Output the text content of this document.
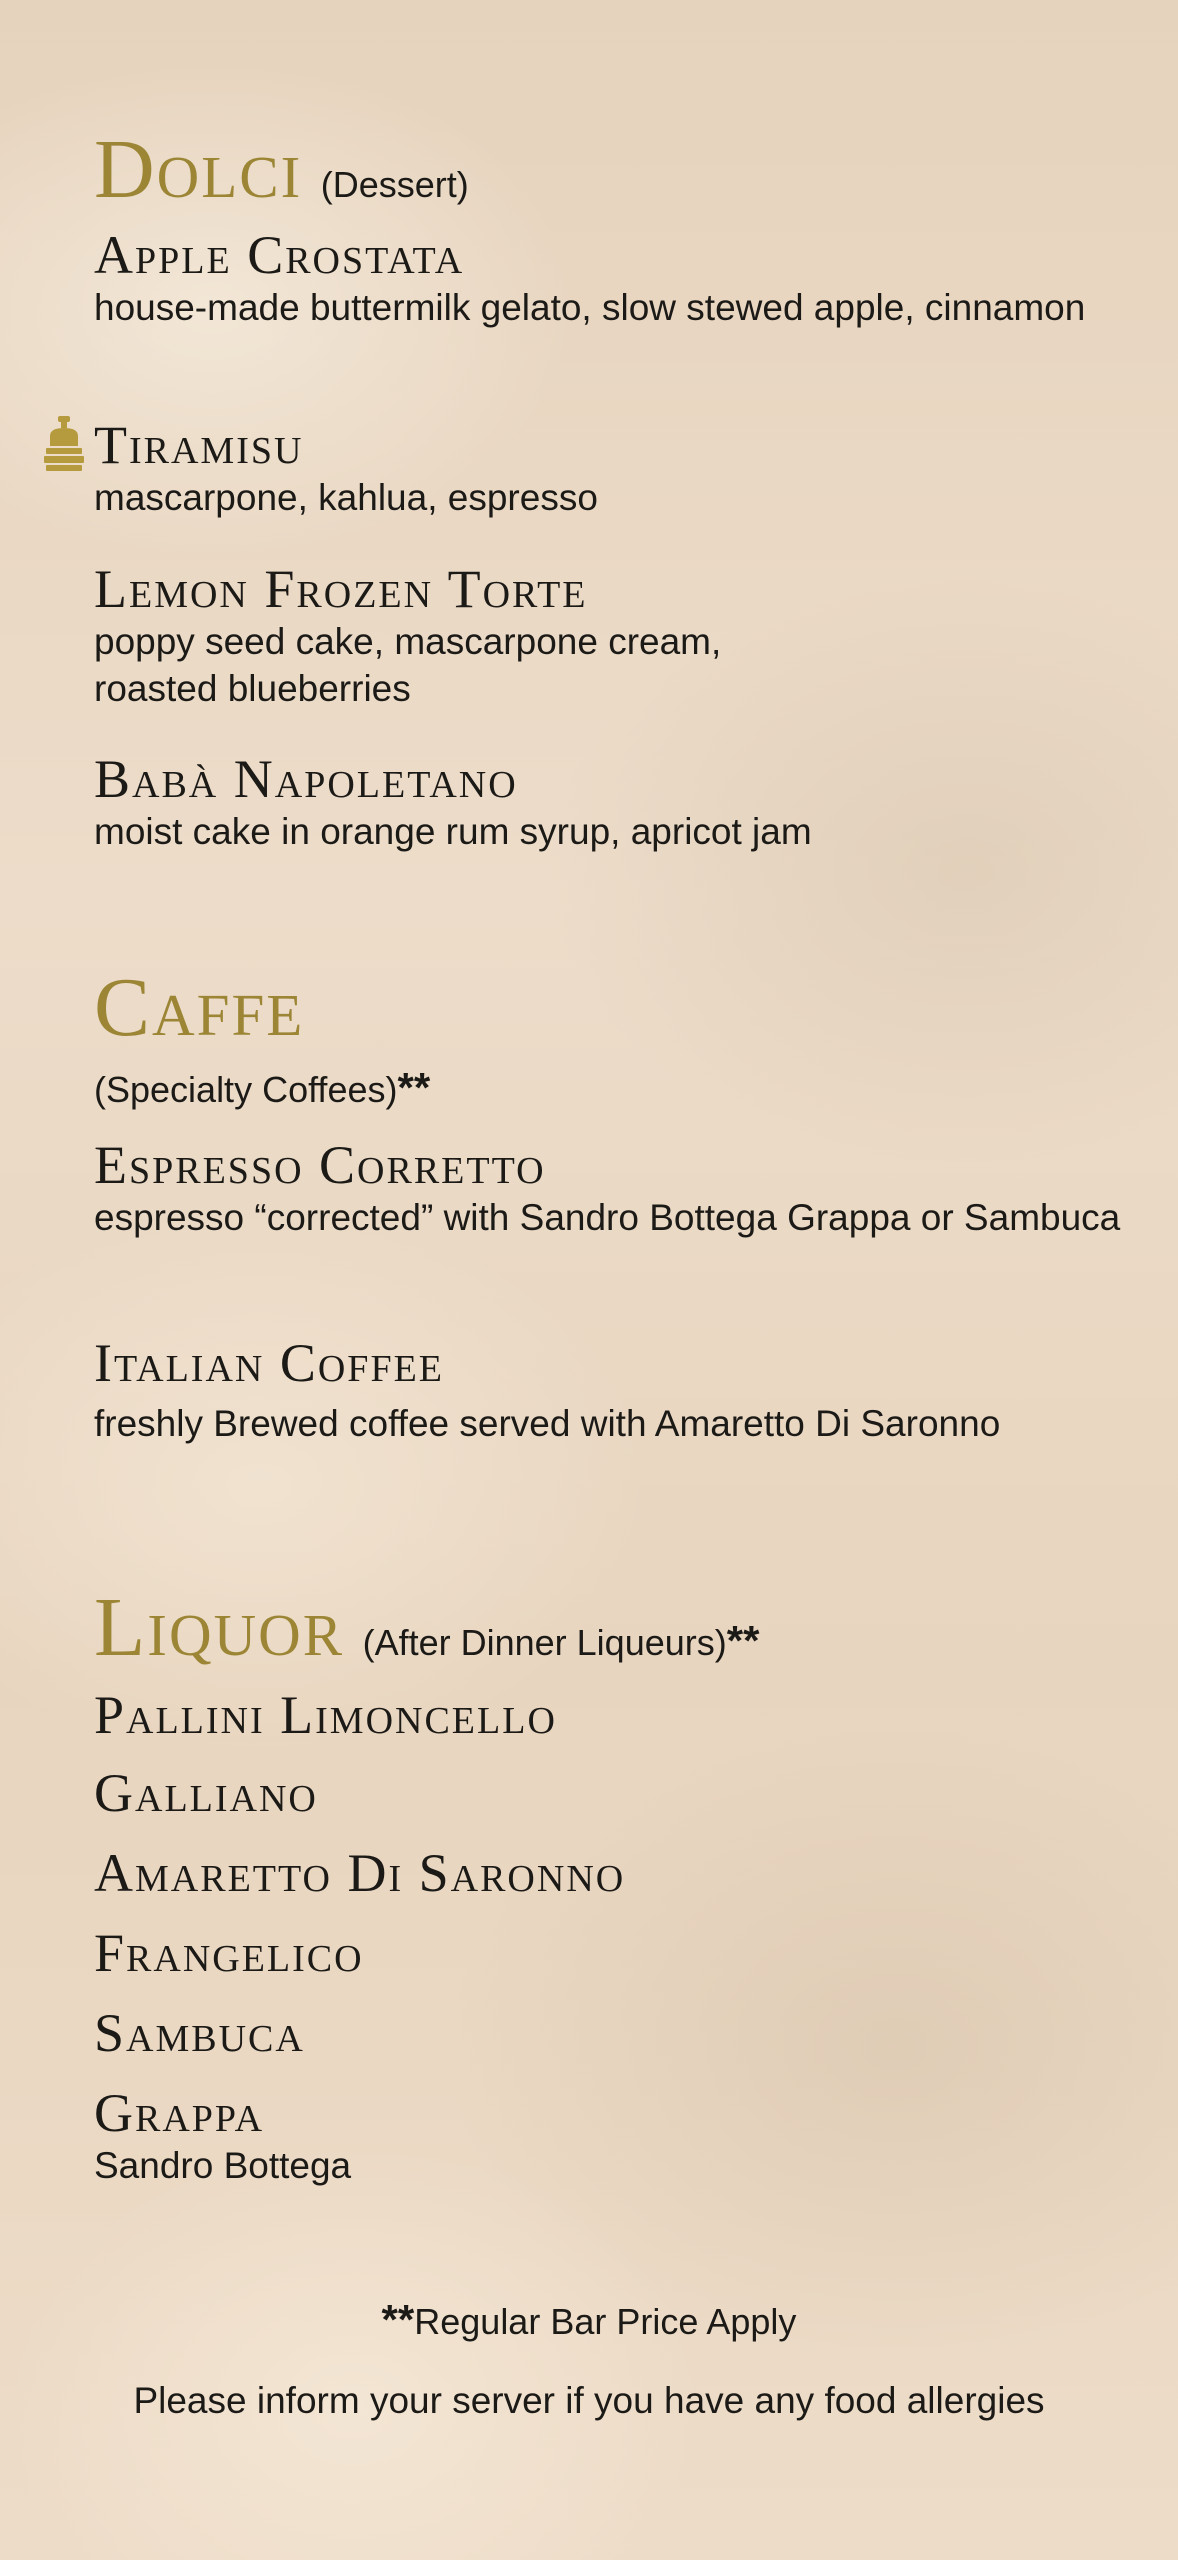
Dolci (Dessert)
Apple Crostata
house-made buttermilk gelato, slow stewed apple, cinnamon
Tiramisu
mascarpone, kahlua, espresso
Lemon Frozen Torte
poppy seed cake, mascarpone cream, roasted blueberries
Babà Napoletano
moist cake in orange rum syrup, apricot jam
Caffe
(Specialty Coffees)**
Espresso Corretto
espresso “corrected” with Sandro Bottega Grappa or Sambuca
Italian Coffee
freshly Brewed coffee served with Amaretto Di Saronno
Liquor (After Dinner Liqueurs)**
Pallini Limoncello
Galliano
Amaretto Di Saronno
Frangelico
Sambuca
Grappa
Sandro Bottega
**Regular Bar Price Apply
Please inform your server if you have any food allergies
